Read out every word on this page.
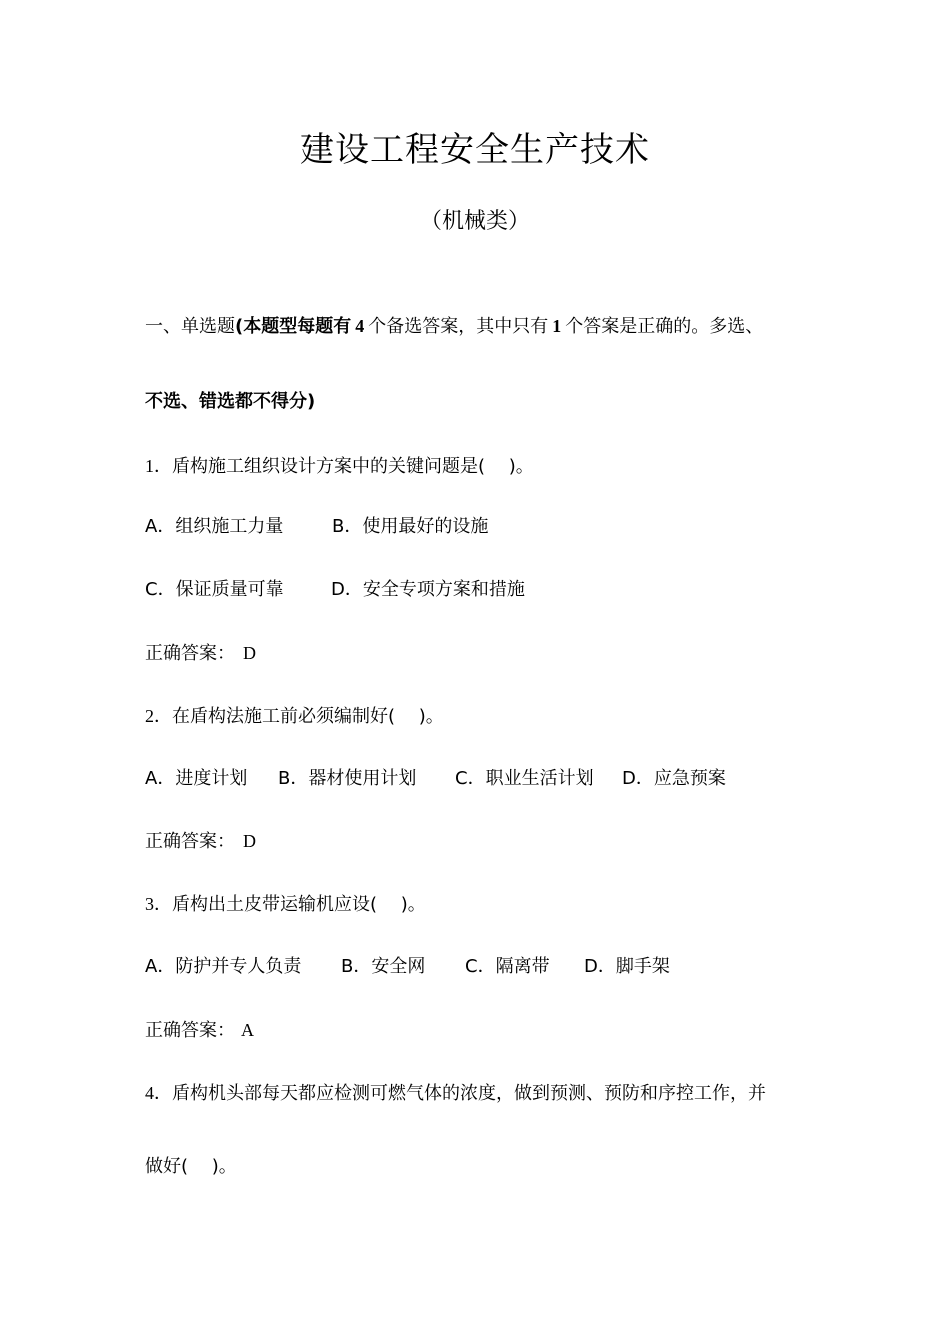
建设工程安全生产技术
（机械类）
一、单选题(本题型每题有 4 个备选答案，其中只有 1 个答案是正确的。多选、
不选、错选都不得分)
1．盾构施工组织设计方案中的关键问题是(　 )。
A．组织施工力量	B．使用最好的设施
C．保证质量可靠	D．安全专项方案和措施
正确答案： D
2．在盾构法施工前必须编制好(　 )。
A．进度计划 B．器材使用计划 C．职业生活计划 D．应急预案
正确答案： D
3．盾构出土皮带运输机应设(　 )。
A．防护并专人负责 B．安全网 C．隔离带 D．脚手架
正确答案： A
4．盾构机头部每天都应检测可燃气体的浓度，做到预测、预防和序控工作，并
做好(　 )。
